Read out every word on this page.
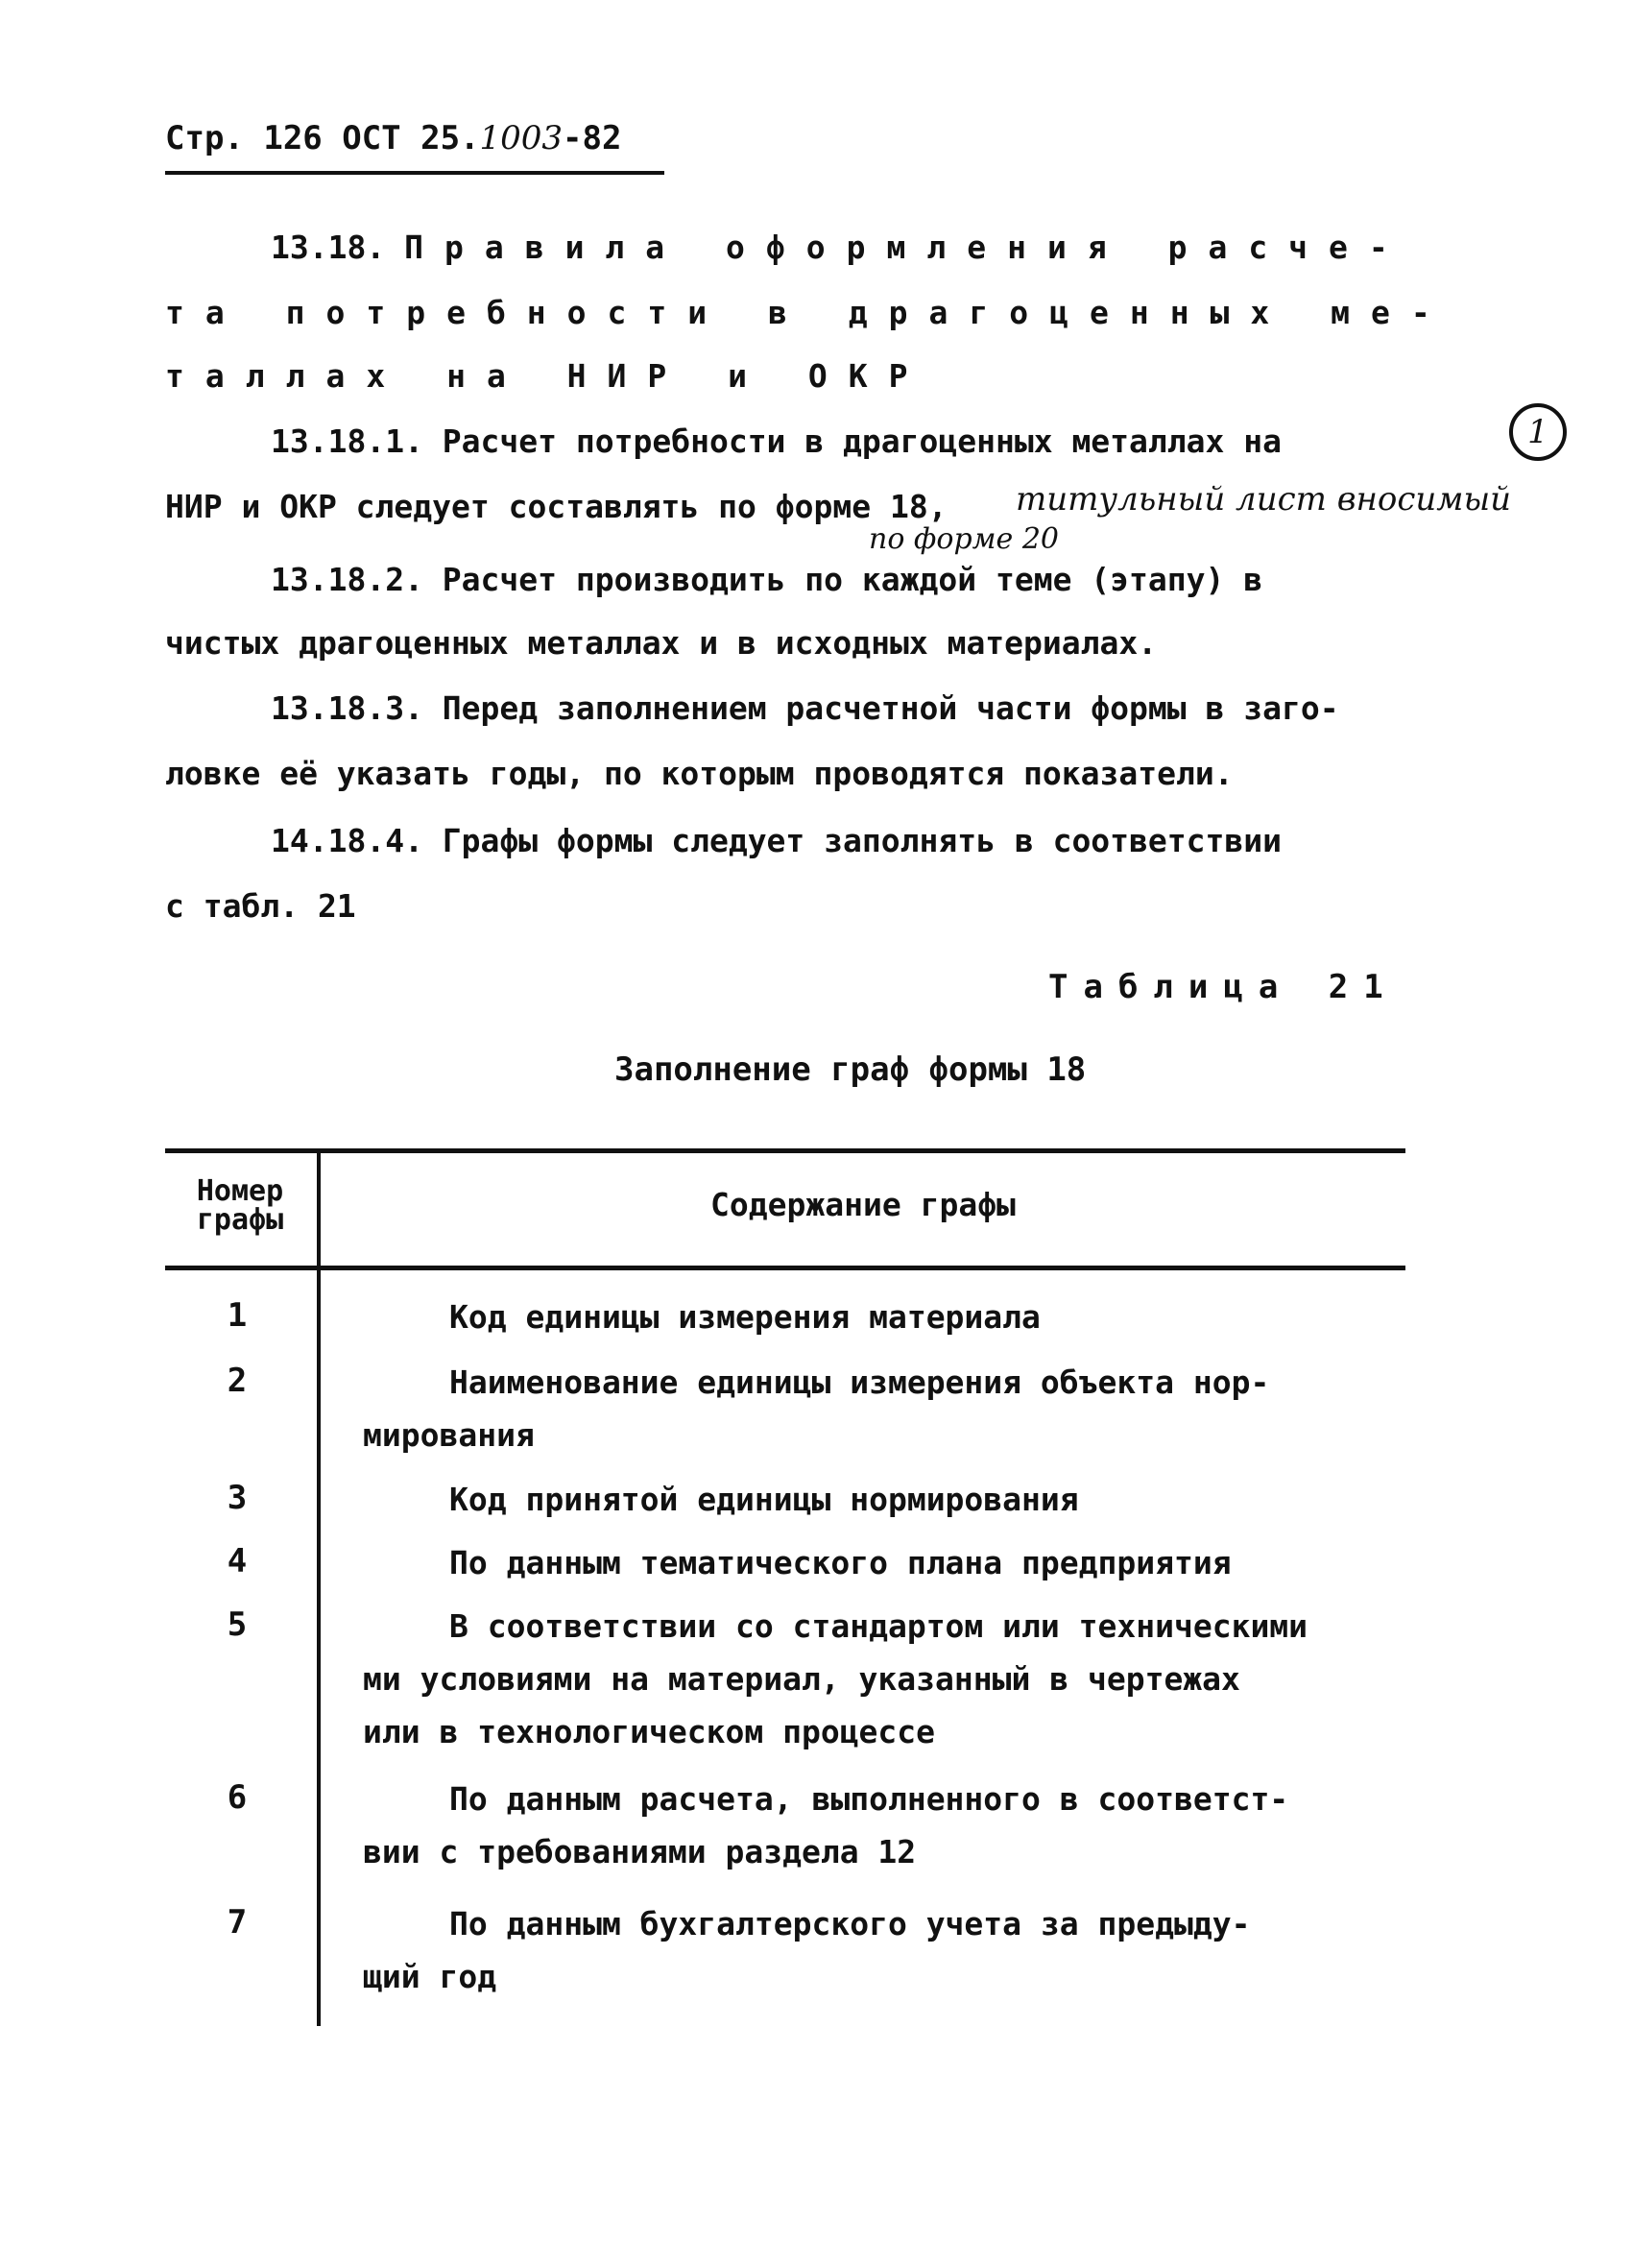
Стр. 126 ОСТ 25.1003-82
13.18. Правила оформления расче-
та потребности в драгоценных ме-
таллах на НИР и ОКР
13.18.1. Расчет потребности в драгоценных металлах на
НИР и ОКР следует составлять по форме 18,
1
титульный лист вносимый
по форме 20
13.18.2. Расчет производить по каждой теме (этапу) в
чистых драгоценных металлах и в исходных материалах.
13.18.3. Перед заполнением расчетной части формы в заго-
ловке её указать годы, по которым проводятся показатели.
14.18.4. Графы формы следует заполнять в соответствии
с табл. 21
Таблица 21
Заполнение граф формы 18
Номер
графы	Содержание графы
1	Код единицы измерения материала
2	Наименование единицы измерения объекта нор-
мирования
3	Код принятой единицы нормирования
4	По данным тематического плана предприятия
5	В соответствии со стандартом или техническими
ми условиями на материал, указанный в чертежах
или в технологическом процессе
6	По данным расчета, выполненного в соответст-
вии с требованиями раздела 12
7	По данным бухгалтерского учета за предыду-
щий год
